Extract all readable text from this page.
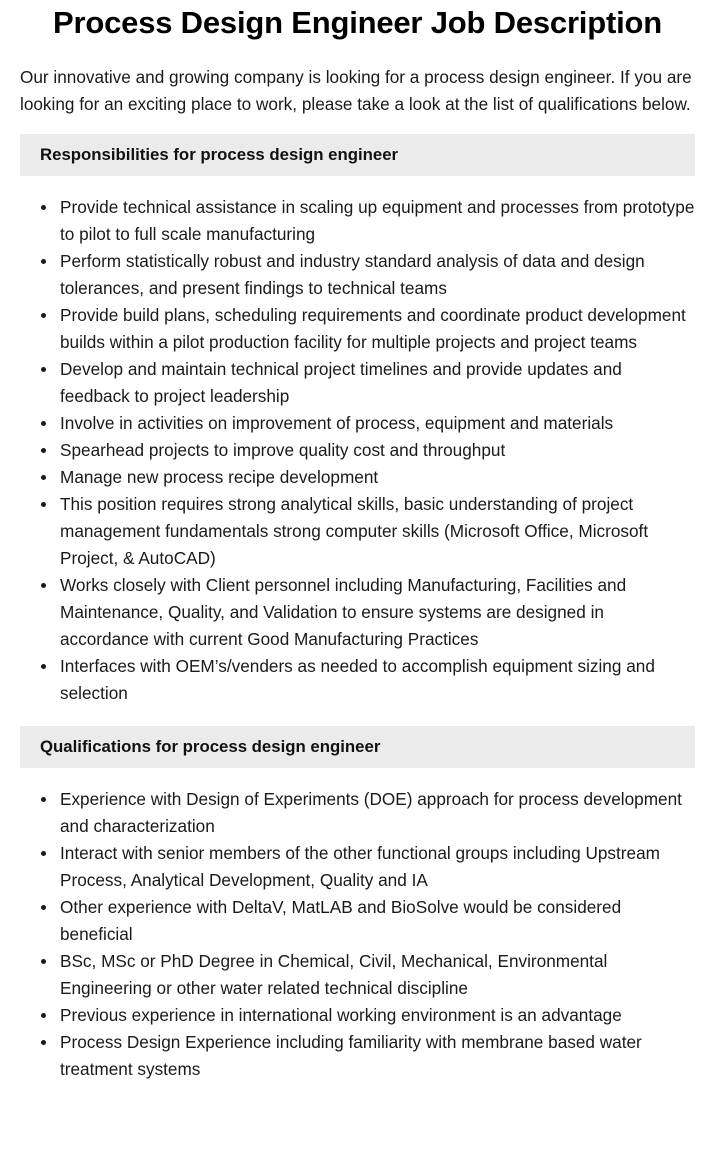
Process Design Engineer Job Description

Our innovative and growing company is looking for a process design engineer. If you are looking for an exciting place to work, please take a look at the list of qualifications below.

Responsibilities for process design engineer
Provide technical assistance in scaling up equipment and processes from prototype to pilot to full scale manufacturing
Perform statistically robust and industry standard analysis of data and design tolerances, and present findings to technical teams
Provide build plans, scheduling requirements and coordinate product development builds within a pilot production facility for multiple projects and project teams
Develop and maintain technical project timelines and provide updates and feedback to project leadership
Involve in activities on improvement of process, equipment and materials
Spearhead projects to improve quality cost and throughput
Manage new process recipe development
This position requires strong analytical skills, basic understanding of project management fundamentals strong computer skills (Microsoft Office, Microsoft Project, & AutoCAD)
Works closely with Client personnel including Manufacturing, Facilities and Maintenance, Quality, and Validation to ensure systems are designed in accordance with current Good Manufacturing Practices
Interfaces with OEM’s/venders as needed to accomplish equipment sizing and selection
Qualifications for process design engineer
Experience with Design of Experiments (DOE) approach for process development and characterization
Interact with senior members of the other functional groups including Upstream Process, Analytical Development, Quality and IA
Other experience with DeltaV, MatLAB and BioSolve would be considered beneficial
BSc, MSc or PhD Degree in Chemical, Civil, Mechanical, Environmental Engineering or other water related technical discipline
Previous experience in international working environment is an advantage
Process Design Experience including familiarity with membrane based water treatment systems
